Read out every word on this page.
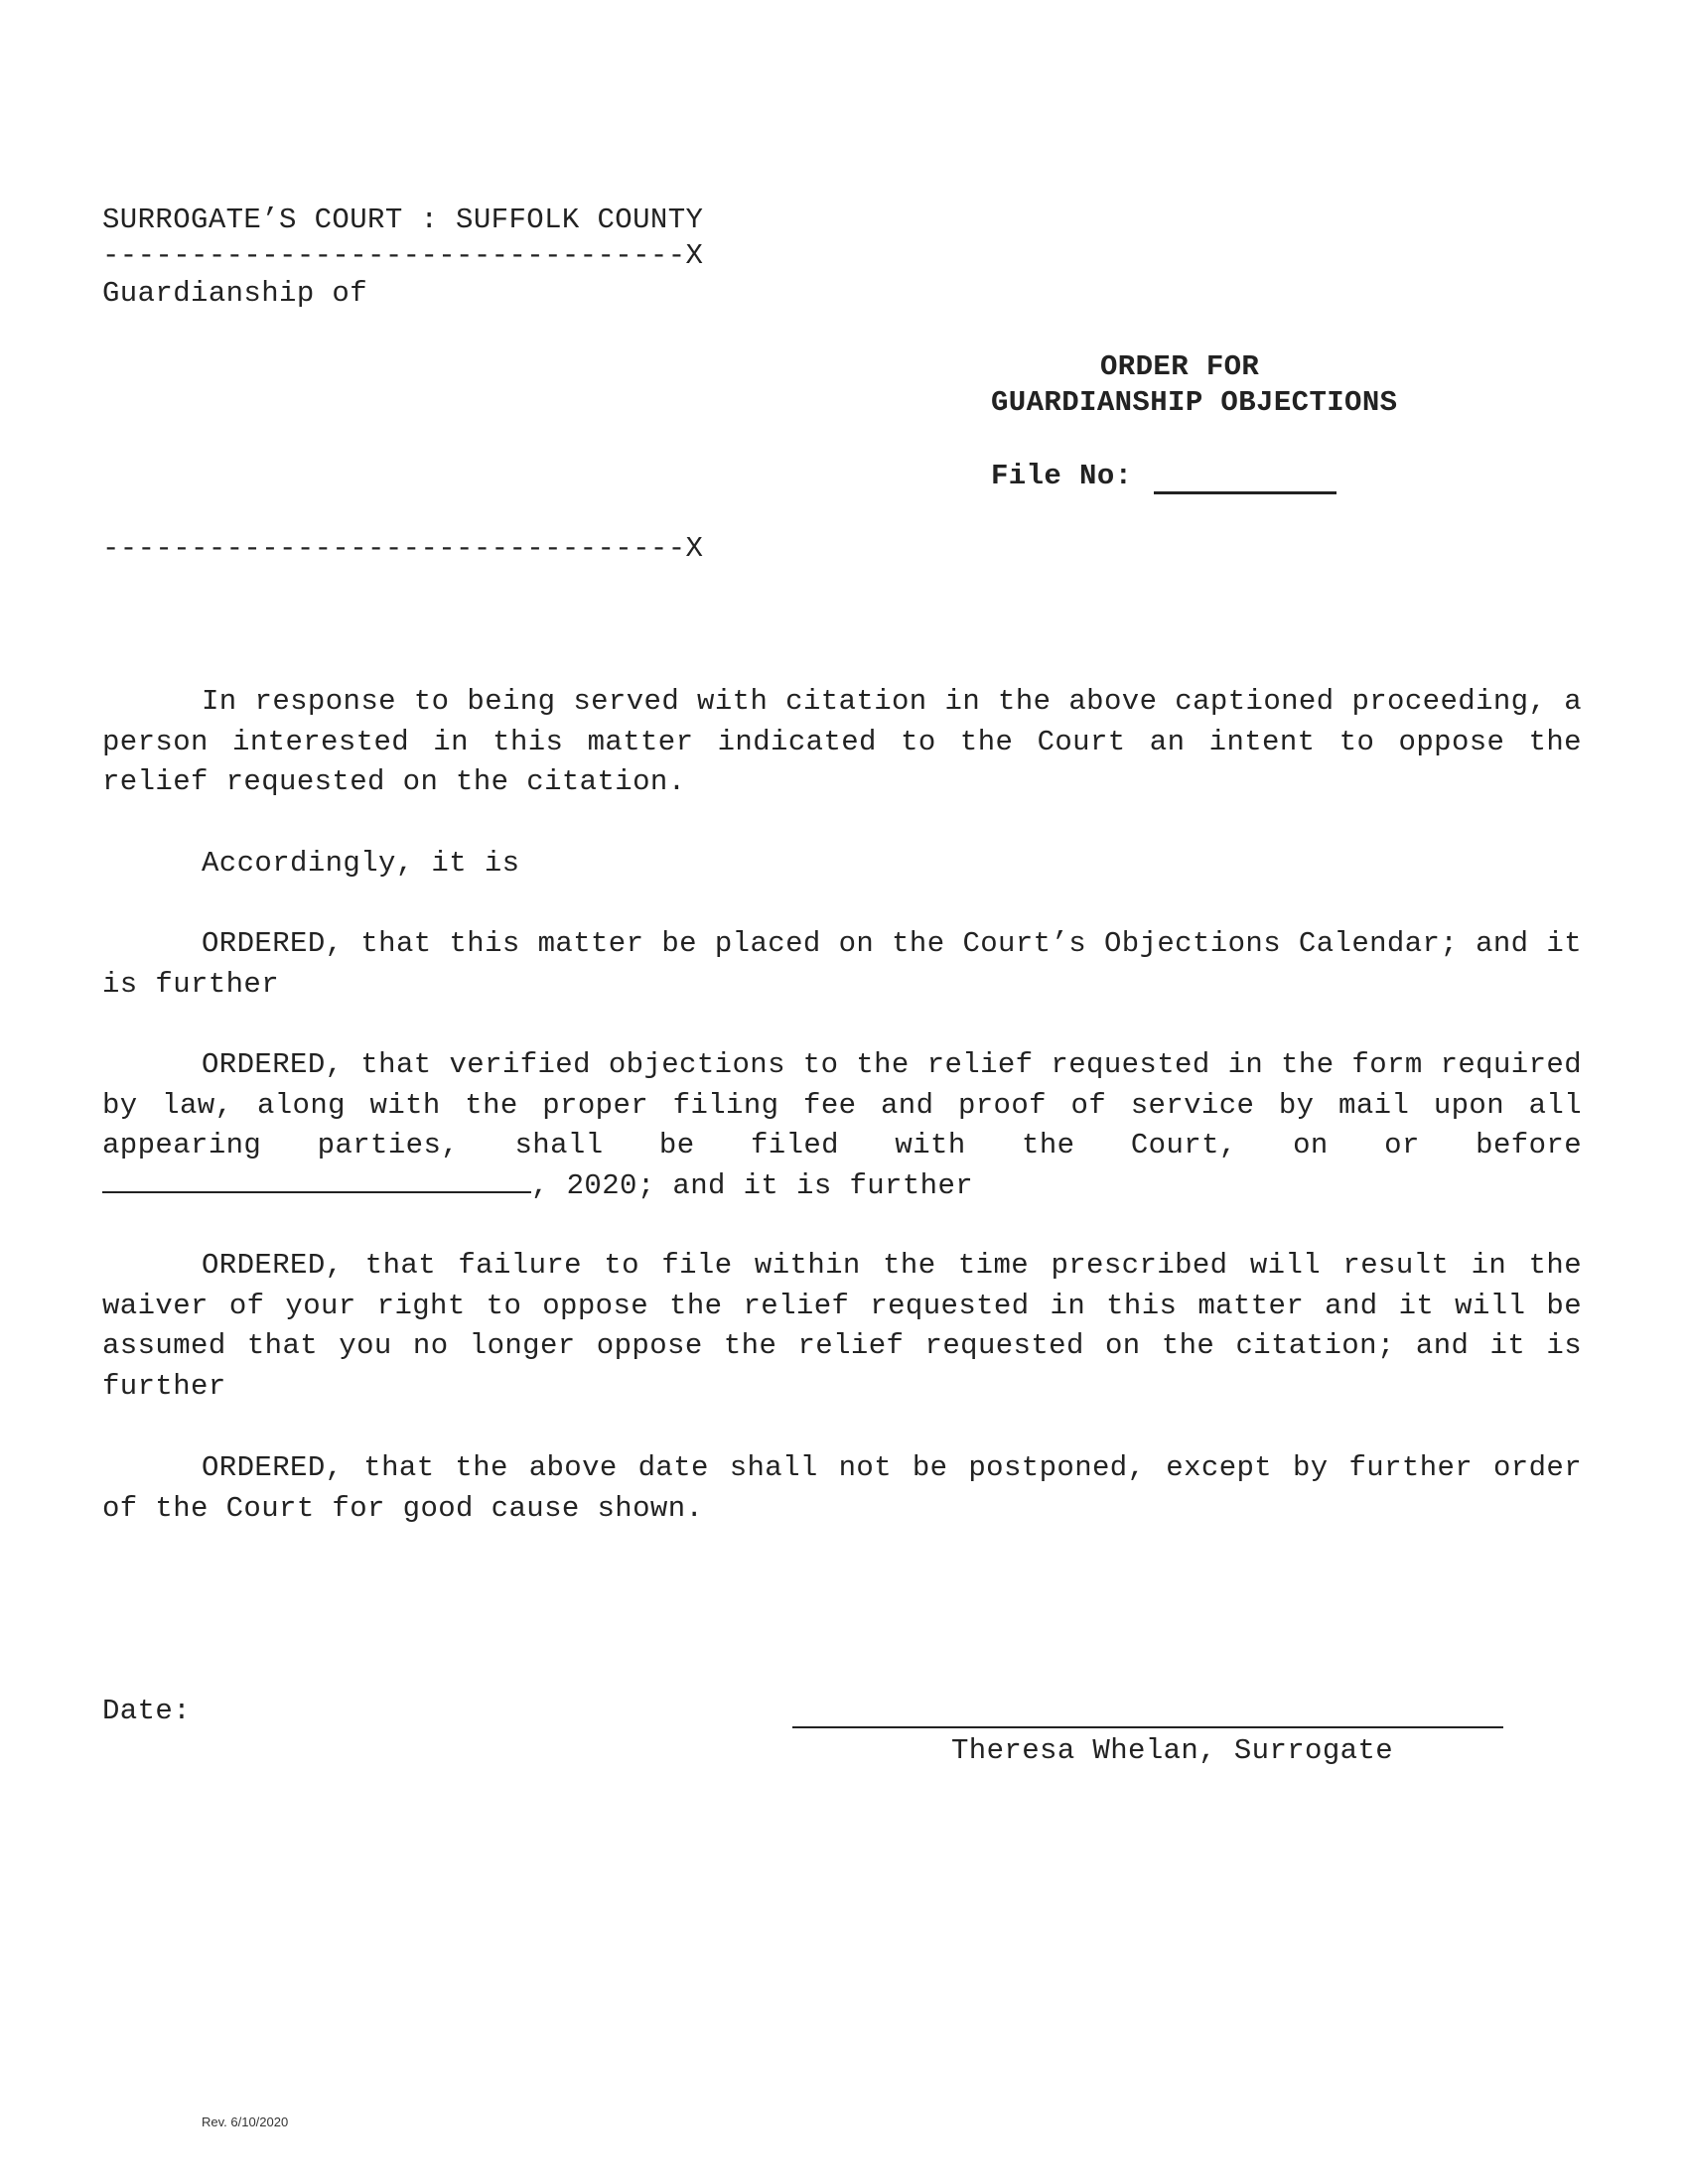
SURROGATE’S COURT : SUFFOLK COUNTY
---------------------------------X
Guardianship of
---------------------------------X
ORDER FOR
GUARDIANSHIP OBJECTIONS
File No:
In response to being served with citation in the above captioned proceeding, a person interested in this matter indicated to the Court an intent to oppose the relief requested on the citation.
Accordingly, it is
ORDERED, that this matter be placed on the Court’s Objections Calendar; and it is further
ORDERED, that verified objections to the relief requested in the form required by law, along with the proper filing fee and proof of service by mail upon all appearing parties, shall be filed with the Court, on or before , 2020; and it is further
ORDERED, that failure to file within the time prescribed will result in the waiver of your right to oppose the relief requested in this matter and it will be assumed that you no longer oppose the relief requested on the citation; and it is further
ORDERED, that the above date shall not be postponed, except by further order of the Court for good cause shown.
Date:
Theresa Whelan, Surrogate
Rev. 6/10/2020
